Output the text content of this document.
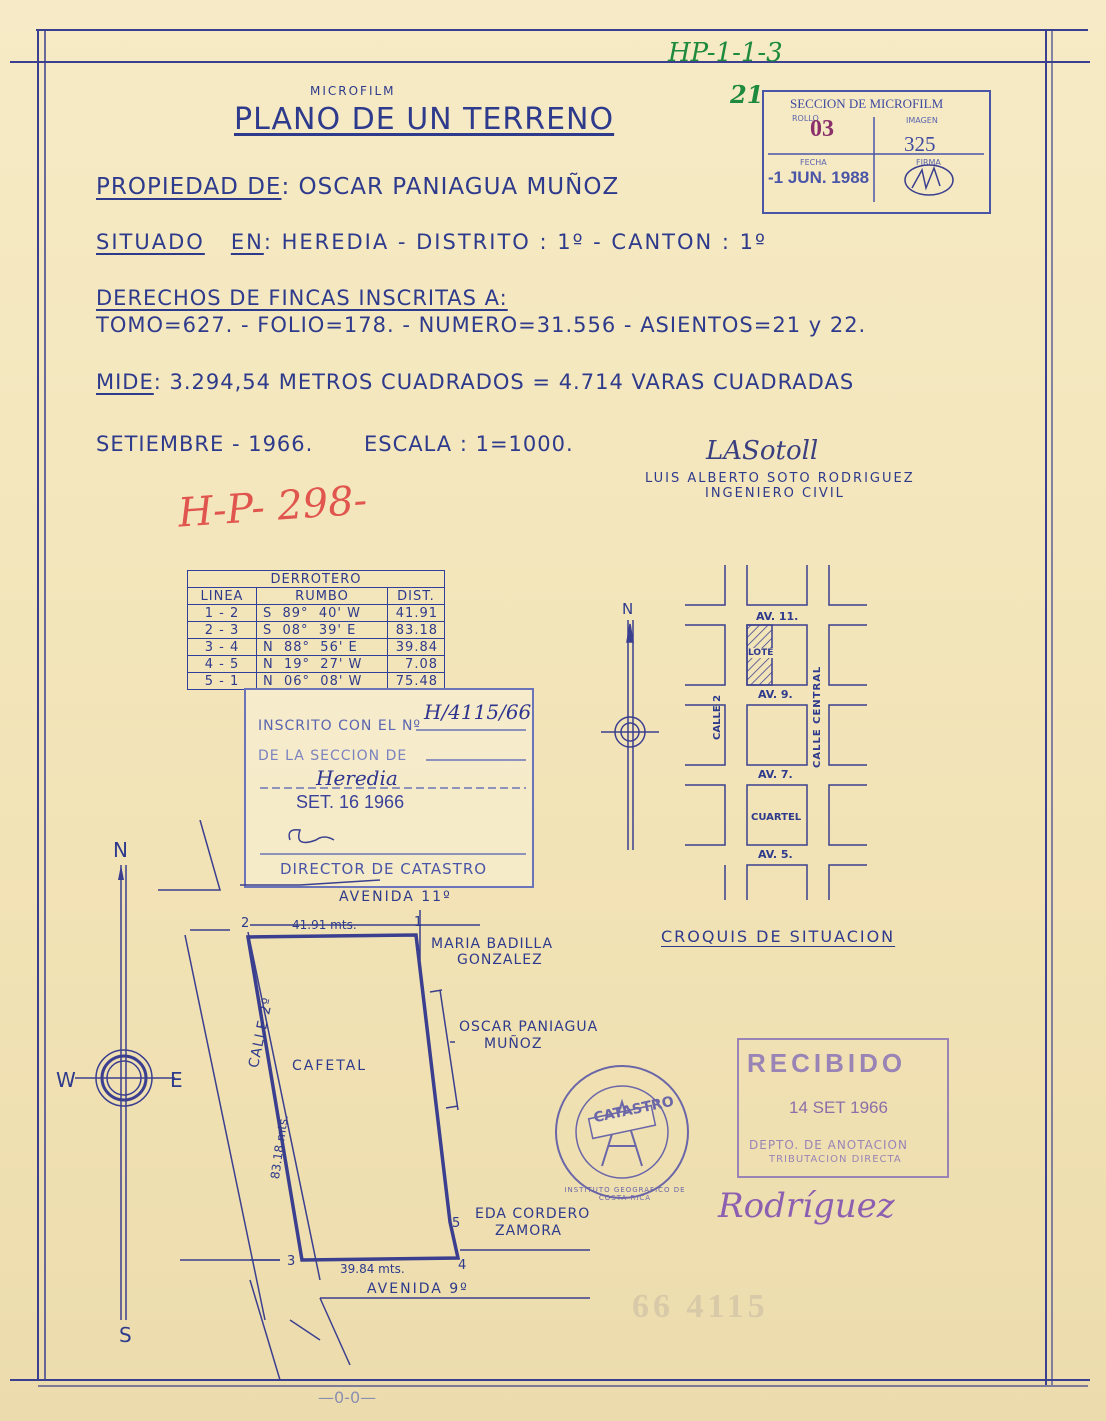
HP-1-1-3
21
MICROFILM
PLANO DE UN TERRENO
PROPIEDAD DE: OSCAR PANIAGUA MUÑOZ
SITUADO EN: HEREDIA - DISTRITO : 1º - CANTON : 1º
DERECHOS DE FINCAS INSCRITAS A:
TOMO=627. - FOLIO=178. - NUMERO=31.556 - ASIENTOS=21 y 22.
MIDE: 3.294,54 METROS CUADRADOS = 4.714 VARAS CUADRADAS
SETIEMBRE - 1966. ESCALA : 1=1000.	LASotoll
LUIS ALBERTO SOTO RODRIGUEZ
INGENIERO CIVIL
H-P- 298-
SECCION DE MICROFILM
ROLLO
03	IMAGEN
325
FECHA
-1 JUN. 1988
FIRMA
DERROTERO		
LINEA	RUMBO	DIST.
1 - 2	S  89°  40' W	41.91
2 - 3	S  08°  39' E	83.18
3 - 4	N  88°  56' E	39.84
4 - 5	N  19°  27' W	7.08
5 - 1	N  06°  08' W	75.48
INSCRITO CON EL Nº
H/4115/66
DE LA SECCION DE
Heredia
SET. 16 1966
DIRECTOR DE CATASTRO
N	AV. 11.
LOTE
AV. 9.
AV. 7.
CUARTEL
AV. 5.
CALLE 2	CALLE CENTRAL
CROQUIS DE SITUACION
N
S
W	E
AVENIDA 11º
AVENIDA 9º
41.91 mts.
39.84 mts.
83.18 mts.
CALLE 2º CAFETAL
1
2
3	4
5
MARIA BADILLA
GONZALEZ
OSCAR PANIAGUA
MUÑOZ
EDA CORDERO
ZAMORA
CATASTRO
INSTITUTO GEOGRAFICO DE COSTA RICA
RECIBIDO
14 SET 1966
DEPTO. DE ANOTACION
TRIBUTACION DIRECTA
Rodríguez
66 4115
—0-0—
